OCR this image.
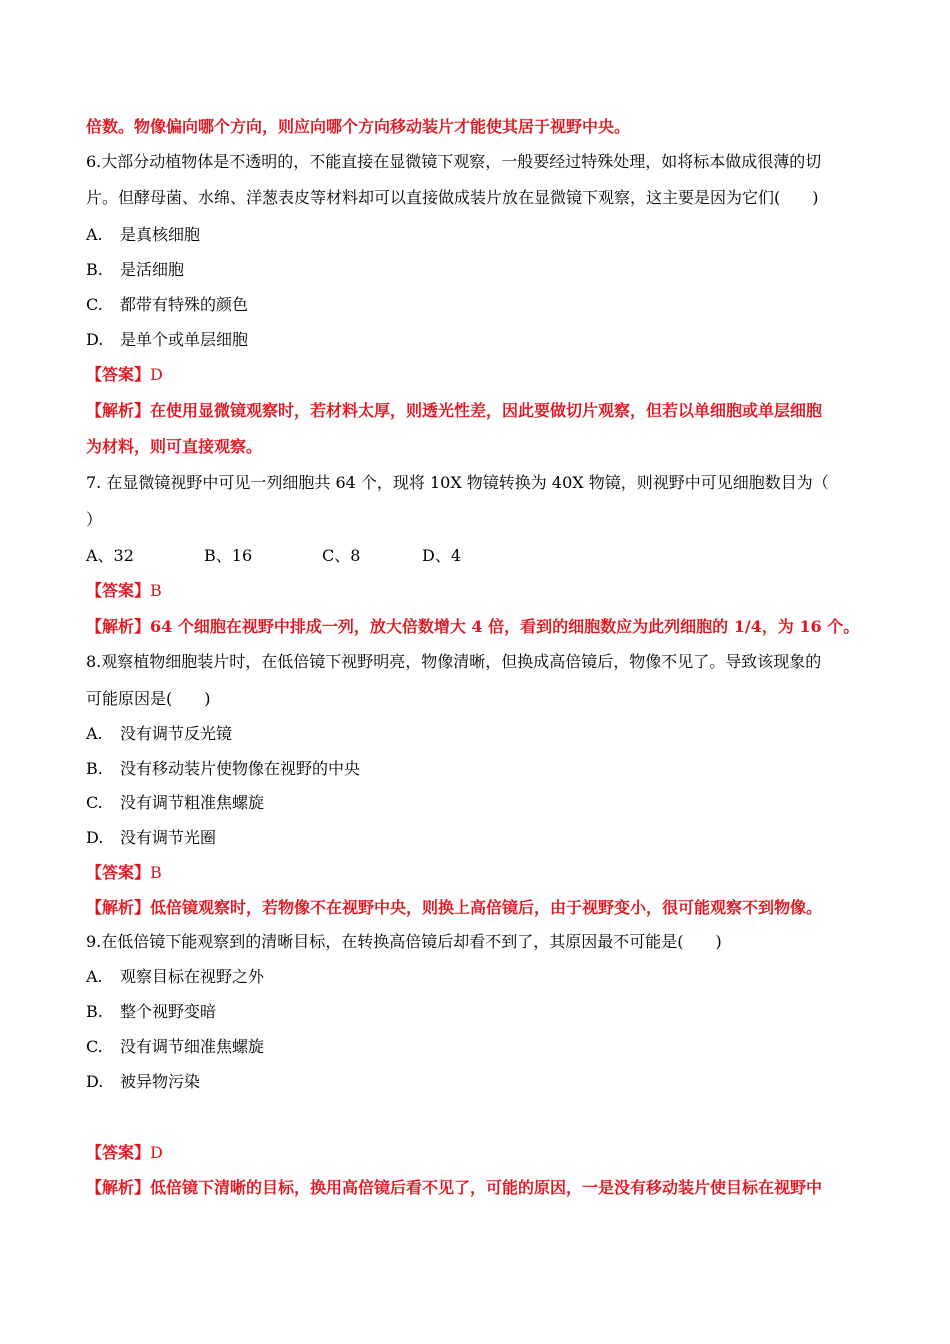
倍数。物像偏向哪个方向，则应向哪个方向移动装片才能使其居于视野中央。
6.大部分动植物体是不透明的，不能直接在显微镜下观察，一般要经过特殊处理，如将标本做成很薄的切
片。但酵母菌、水绵、洋葱表皮等材料却可以直接做成装片放在显微镜下观察，这主要是因为它们(　　)
A. 是真核细胞
B. 是活细胞
C. 都带有特殊的颜色
D. 是单个或单层细胞
【答案】D
【解析】在使用显微镜观察时，若材料太厚，则透光性差，因此要做切片观察，但若以单细胞或单层细胞
为材料，则可直接观察。
7. 在显微镜视野中可见一列细胞共 64 个，现将 10X 物镜转换为 40X 物镜，则视野中可见细胞数目为（
）
A、32	B、16	C、8	D、4
【答案】B
【解析】64 个细胞在视野中排成一列，放大倍数增大 4 倍，看到的细胞数应为此列细胞的 1/4，为 16 个。
8.观察植物细胞装片时，在低倍镜下视野明亮，物像清晰，但换成高倍镜后，物像不见了。导致该现象的
可能原因是(　　)
A. 没有调节反光镜
B. 没有移动装片使物像在视野的中央
C. 没有调节粗准焦螺旋
D. 没有调节光圈
【答案】B
【解析】低倍镜观察时，若物像不在视野中央，则换上高倍镜后，由于视野变小，很可能观察不到物像。
9.在低倍镜下能观察到的清晰目标，在转换高倍镜后却看不到了，其原因最不可能是(　　)
A. 观察目标在视野之外
B. 整个视野变暗
C. 没有调节细准焦螺旋
D. 被异物污染
【答案】D
【解析】低倍镜下清晰的目标，换用高倍镜后看不见了，可能的原因，一是没有移动装片使目标在视野中
